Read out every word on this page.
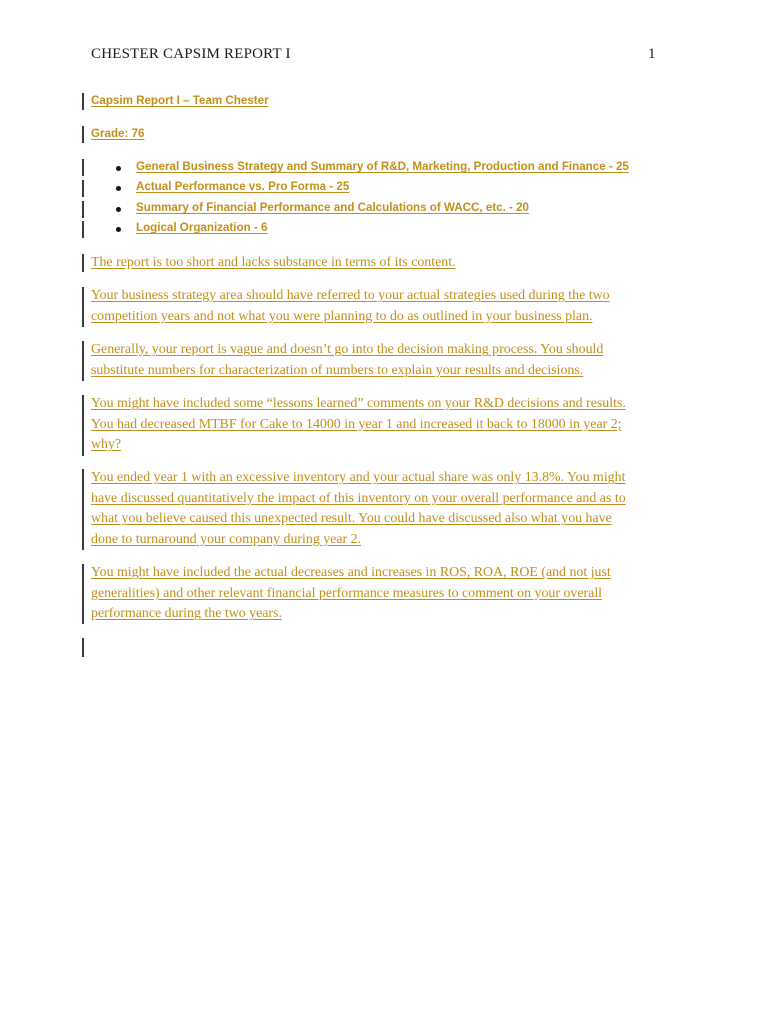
CHESTER CAPSIM REPORT I	1
Capsim Report I – Team Chester
Grade: 76
General Business Strategy and Summary of R&D, Marketing, Production and Finance - 25
Actual Performance vs. Pro Forma - 25
Summary of Financial Performance and Calculations of WACC, etc. - 20
Logical Organization - 6
The report is too short and lacks substance in terms of its content.
Your business strategy area should have referred to your actual strategies used during the two
competition years and not what you were planning to do as outlined in your business plan.
Generally, your report is vague and doesn’t go into the decision making process. You should
substitute numbers for characterization of numbers to explain your results and decisions.
You might have included some “lessons learned” comments on your R&D decisions and results.
You had decreased MTBF for Cake to 14000 in year 1 and increased it back to 18000 in year 2;
why?
You ended year 1 with an excessive inventory and your actual share was only 13.8%. You might
have discussed quantitatively the impact of this inventory on your overall performance and as to
what you believe caused this unexpected result. You could have discussed also what you have
done to turnaround your company during year 2.
You might have included the actual decreases and increases in ROS, ROA, ROE (and not just
generalities) and other relevant financial performance measures to comment on your overall
performance during the two years.
